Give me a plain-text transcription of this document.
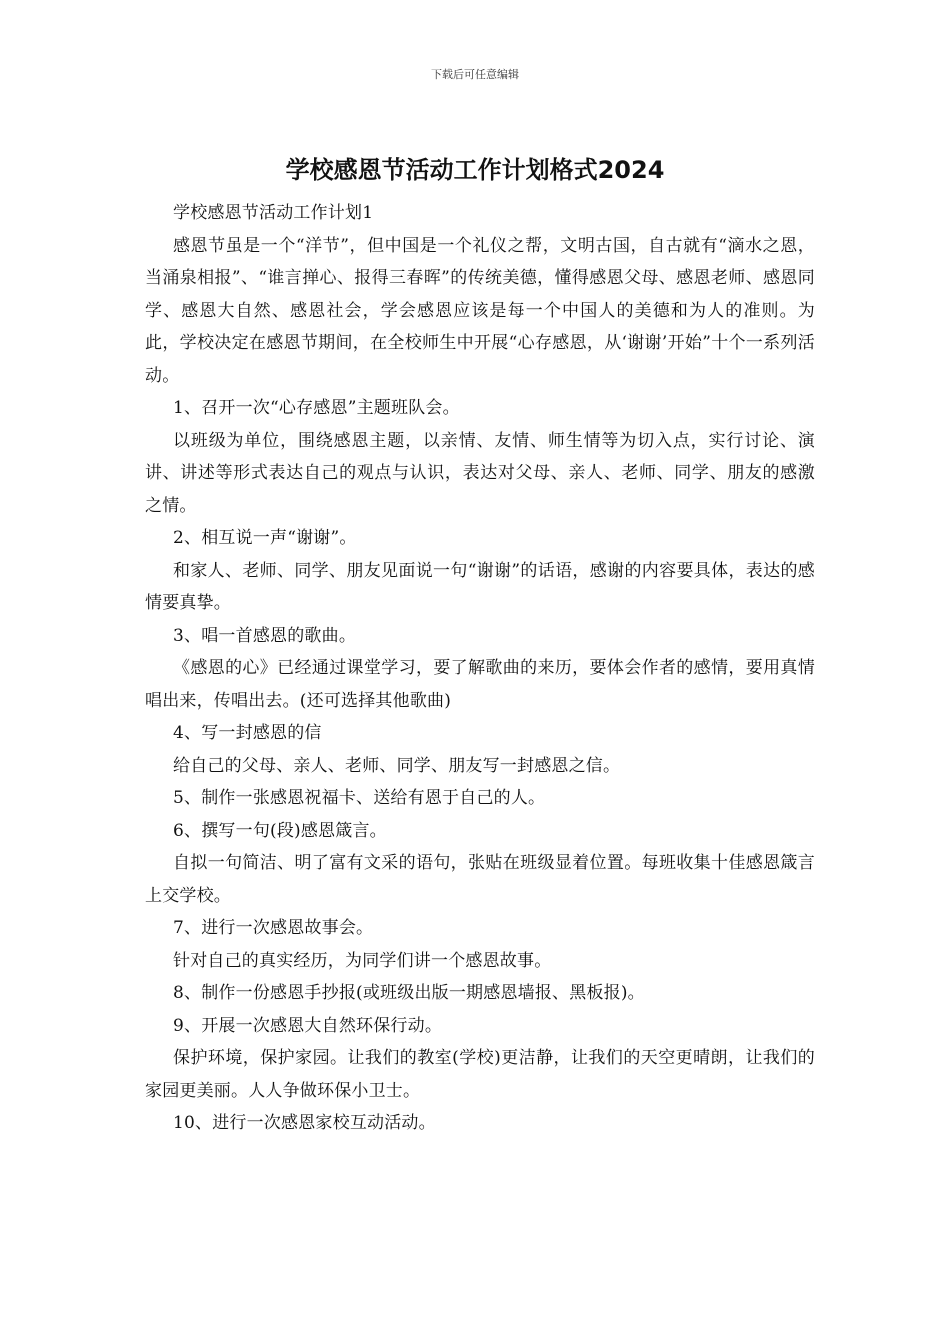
下载后可任意编辑
学校感恩节活动工作计划格式2024

学校感恩节活动工作计划1

感恩节虽是一个“洋节”，但中国是一个礼仪之帮，文明古国，自古就有“滴水之恩，当涌泉相报”、“谁言掸心、报得三春晖”的传统美德，懂得感恩父母、感恩老师、感恩同学、感恩大自然、感恩社会，学会感恩应该是每一个中国人的美德和为人的准则。为此，学校决定在感恩节期间，在全校师生中开展“心存感恩，从‘谢谢’开始”十个一系列活动。

1、召开一次“心存感恩”主题班队会。

以班级为单位，围绕感恩主题，以亲情、友情、师生情等为切入点，实行讨论、演讲、讲述等形式表达自己的观点与认识，表达对父母、亲人、老师、同学、朋友的感激之情。

2、相互说一声“谢谢”。

和家人、老师、同学、朋友见面说一句“谢谢”的话语，感谢的内容要具体，表达的感情要真挚。

3、唱一首感恩的歌曲。

《感恩的心》已经通过课堂学习，要了解歌曲的来历，要体会作者的感情，要用真情唱出来，传唱出去。(还可选择其他歌曲)

4、写一封感恩的信

给自己的父母、亲人、老师、同学、朋友写一封感恩之信。

5、制作一张感恩祝福卡、送给有恩于自己的人。

6、撰写一句(段)感恩箴言。

自拟一句简洁、明了富有文采的语句，张贴在班级显着位置。每班收集十佳感恩箴言上交学校。

7、进行一次感恩故事会。

针对自己的真实经历，为同学们讲一个感恩故事。

8、制作一份感恩手抄报(或班级出版一期感恩墙报、黑板报)。

9、开展一次感恩大自然环保行动。

保护环境，保护家园。让我们的教室(学校)更洁静，让我们的天空更晴朗，让我们的家园更美丽。人人争做环保小卫士。

10、进行一次感恩家校互动活动。
